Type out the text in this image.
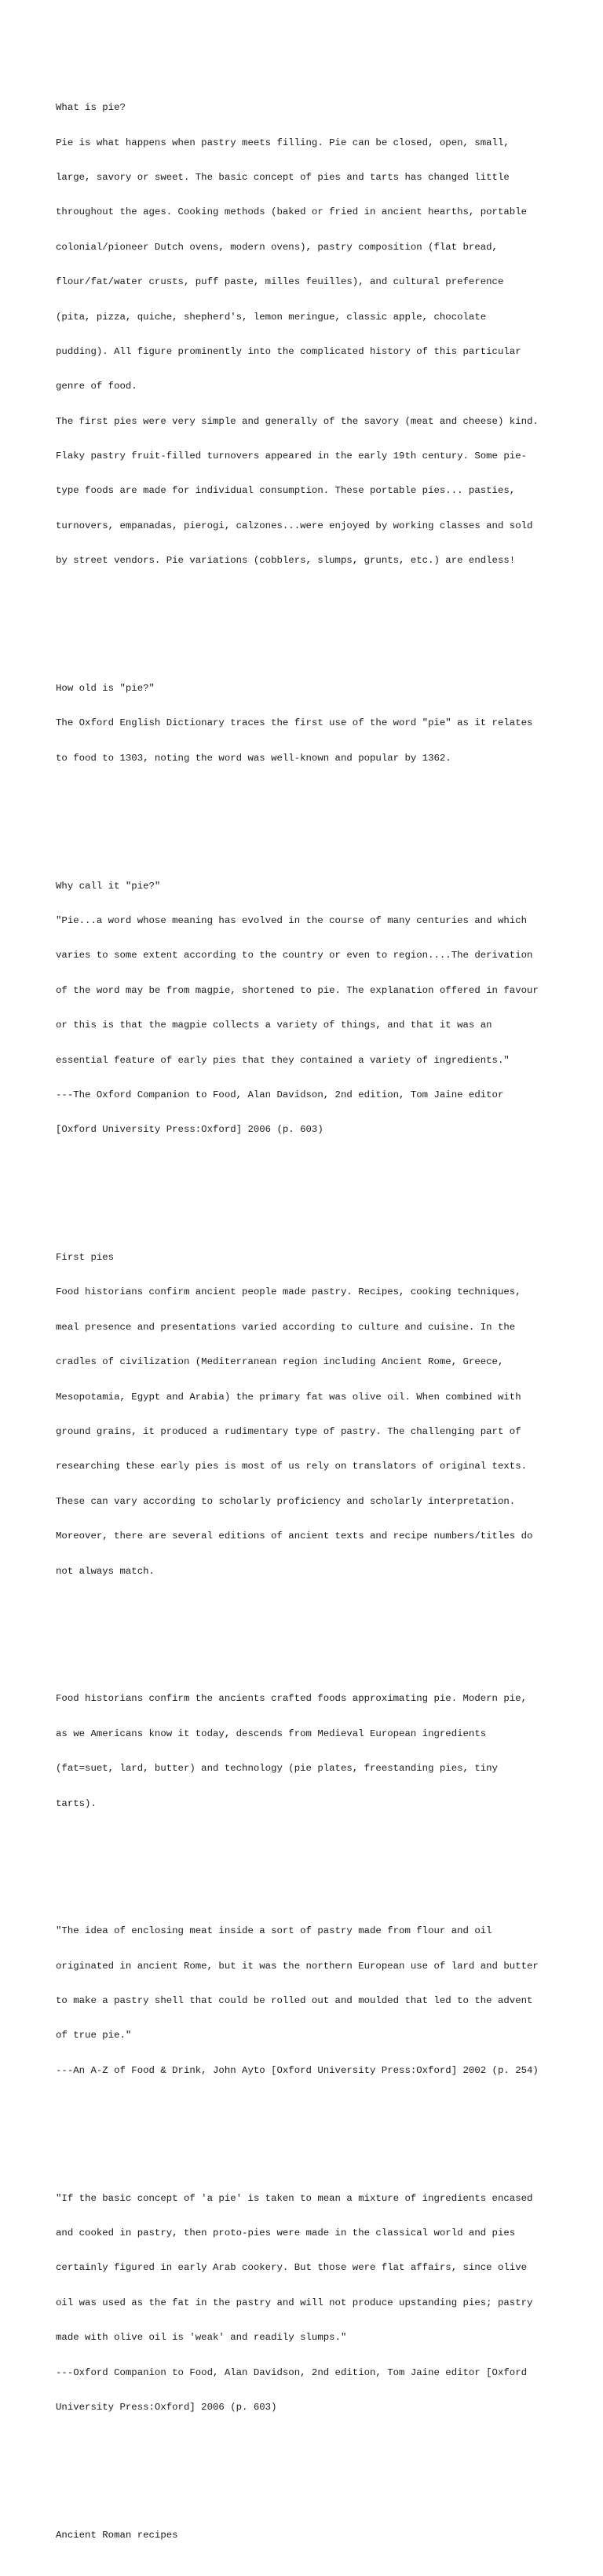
What is pie?

Pie is what happens when pastry meets filling. Pie can be closed, open, small,

large, savory or sweet. The basic concept of pies and tarts has changed little

throughout the ages. Cooking methods (baked or fried in ancient hearths, portable

colonial/pioneer Dutch ovens, modern ovens), pastry composition (flat bread,

flour/fat/water crusts, puff paste, milles feuilles), and cultural preference

(pita, pizza, quiche, shepherd's, lemon meringue, classic apple, chocolate

pudding). All figure prominently into the complicated history of this particular

genre of food.

The first pies were very simple and generally of the savory (meat and cheese) kind.

Flaky pastry fruit-filled turnovers appeared in the early 19th century. Some pie-

type foods are made for individual consumption. These portable pies... pasties,

turnovers, empanadas, pierogi, calzones...were enjoyed by working classes and sold

by street vendors. Pie variations (cobblers, slumps, grunts, etc.) are endless!

How old is "pie?"

The Oxford English Dictionary traces the first use of the word "pie" as it relates

to food to 1303, noting the word was well-known and popular by 1362.

Why call it "pie?"

"Pie...a word whose meaning has evolved in the course of many centuries and which

varies to some extent according to the country or even to region....The derivation

of the word may be from magpie, shortened to pie. The explanation offered in favour

or this is that the magpie collects a variety of things, and that it was an

essential feature of early pies that they contained a variety of ingredients."

---The Oxford Companion to Food, Alan Davidson, 2nd edition, Tom Jaine editor

[Oxford University Press:Oxford] 2006 (p. 603)

First pies

Food historians confirm ancient people made pastry. Recipes, cooking techniques,

meal presence and presentations varied according to culture and cuisine. In the

cradles of civilization (Mediterranean region including Ancient Rome, Greece,

Mesopotamia, Egypt and Arabia) the primary fat was olive oil. When combined with

ground grains, it produced a rudimentary type of pastry. The challenging part of

researching these early pies is most of us rely on translators of original texts.

These can vary according to scholarly proficiency and scholarly interpretation.

Moreover, there are several editions of ancient texts and recipe numbers/titles do

not always match.

Food historians confirm the ancients crafted foods approximating pie. Modern pie,

as we Americans know it today, descends from Medieval European ingredients

(fat=suet, lard, butter) and technology (pie plates, freestanding pies, tiny

tarts).

"The idea of enclosing meat inside a sort of pastry made from flour and oil

originated in ancient Rome, but it was the northern European use of lard and butter

to make a pastry shell that could be rolled out and moulded that led to the advent

of true pie."

---An A-Z of Food & Drink, John Ayto [Oxford University Press:Oxford] 2002 (p. 254)

"If the basic concept of 'a pie' is taken to mean a mixture of ingredients encased

and cooked in pastry, then proto-pies were made in the classical world and pies

certainly figured in early Arab cookery. But those were flat affairs, since olive

oil was used as the fat in the pastry and will not produce upstanding pies; pastry

made with olive oil is 'weak' and readily slumps."

---Oxford Companion to Food, Alan Davidson, 2nd edition, Tom Jaine editor [Oxford

University Press:Oxford] 2006 (p. 603)

Ancient Roman recipes
